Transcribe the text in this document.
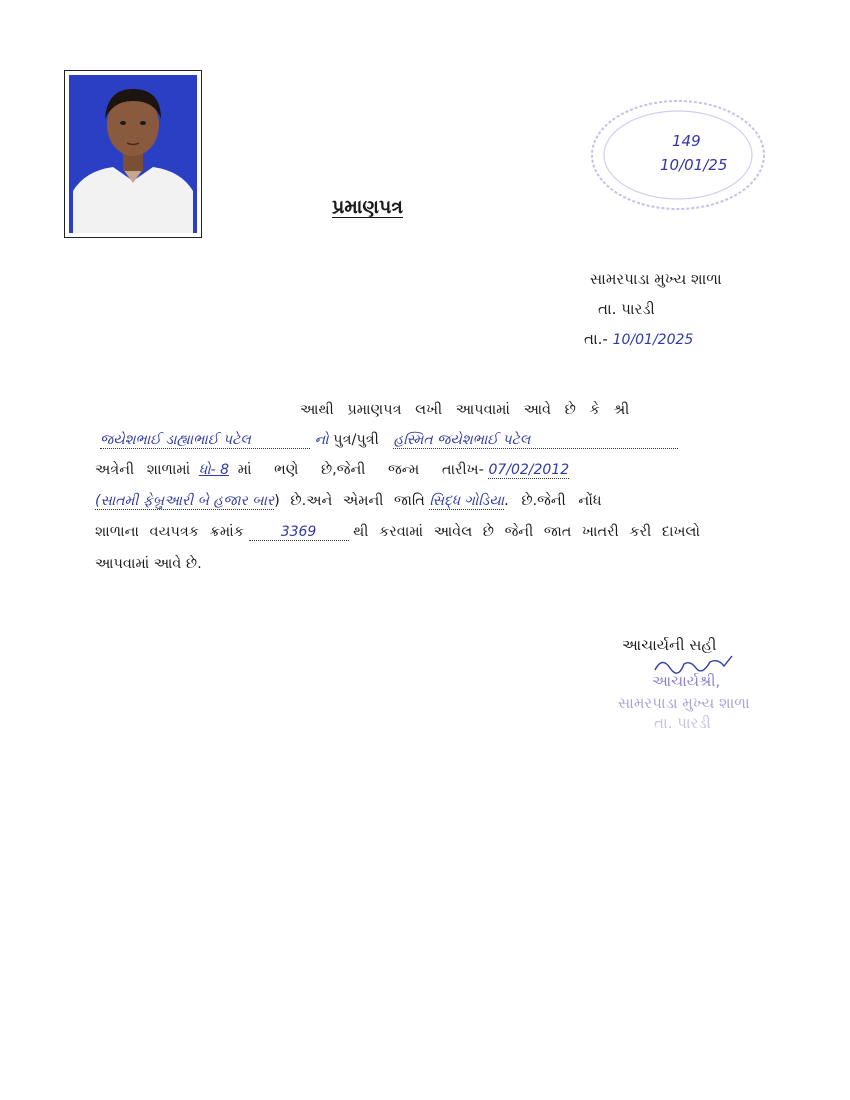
પ્રમાણપત્ર
149
10/01/25
સામરપાડા મુખ્ય શાળા
તા. પારડી
તા.- 10/01/2025
આથી પ્રમાણપત્ર લખી આપવામાં આવે છે કે શ્રી
જયેશભાઈ ડાહ્યાભાઈ પટેલ	નો પુત્ર/પુત્રી હસ્મિત જયેશભાઈ પટેલ
અત્રેની શાળામાં ધો- 8 માં ભણે છે,જેની જન્મ તારીખ- 07/02/2012
(સાતમી ફેબ્રુઆરી બે હજાર બાર) છે.અને એમની જાતિ સિદ્ધ ગોડિયા. છે.જેની નોંધ
શાળાના વયપત્રક ક્રમાંક	3369	થી કરવામાં આવેલ છે જેની જાત ખાતરી કરી દાખલો
આપવામાં આવે છે.
આચાર્યની સહી
આચાર્યશ્રી,
સામરપાડા મુખ્ય શાળા
તા. પારડી
